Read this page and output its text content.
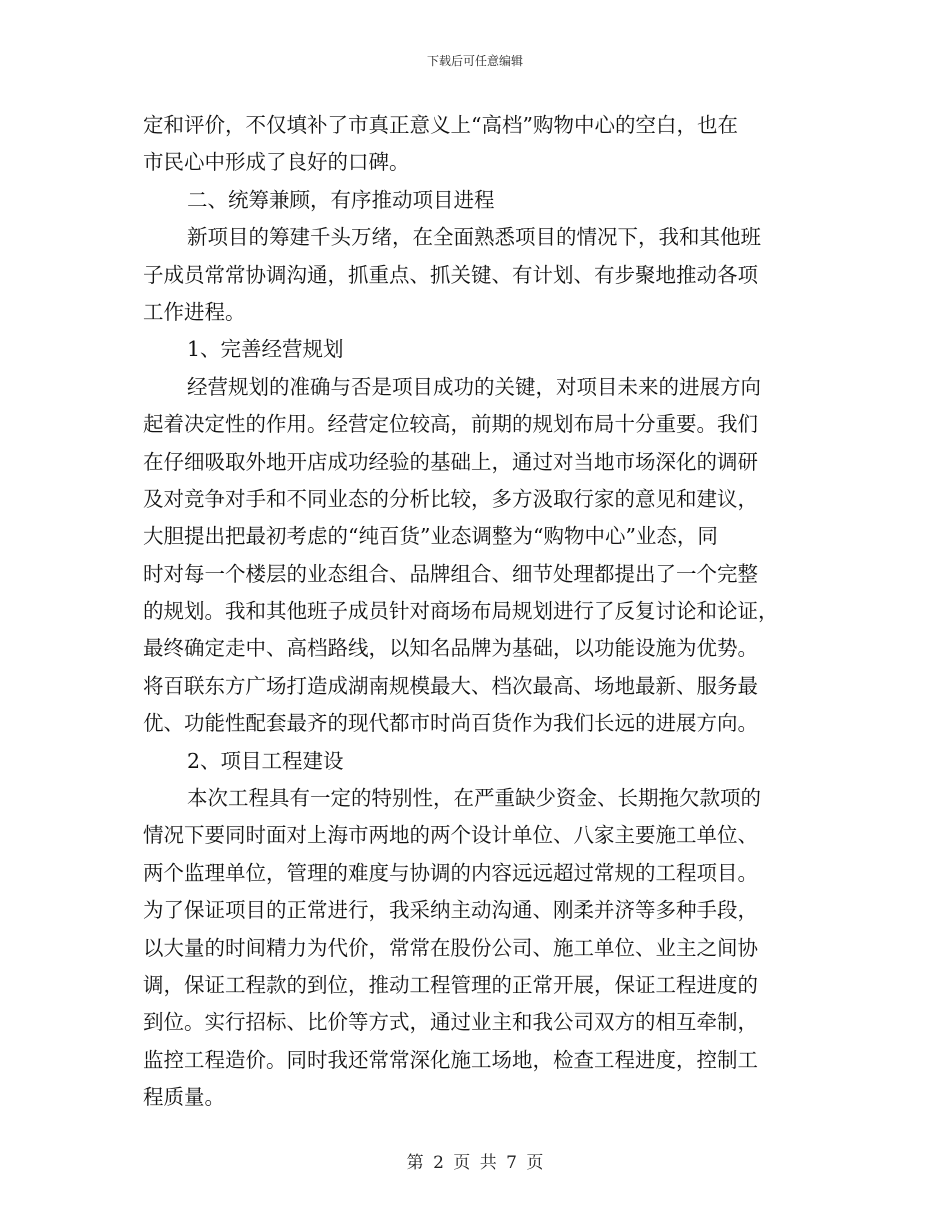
下载后可任意编辑
定和评价，不仅填补了市真正意义上“高档”购物中心的空白，也在
市民心中形成了良好的口碑。
二、统筹兼顾，有序推动项目进程
新项目的筹建千头万绪，在全面熟悉项目的情况下，我和其他班
子成员常常协调沟通，抓重点、抓关键、有计划、有步聚地推动各项
工作进程。
1、完善经营规划
经营规划的准确与否是项目成功的关键，对项目未来的进展方向
起着决定性的作用。经营定位较高，前期的规划布局十分重要。我们
在仔细吸取外地开店成功经验的基础上，通过对当地市场深化的调研
及对竞争对手和不同业态的分析比较，多方汲取行家的意见和建议，
大胆提出把最初考虑的“纯百货”业态调整为“购物中心”业态，同
时对每一个楼层的业态组合、品牌组合、细节处理都提出了一个完整
的规划。我和其他班子成员针对商场布局规划进行了反复讨论和论证，
最终确定走中、高档路线，以知名品牌为基础，以功能设施为优势。
将百联东方广场打造成湖南规模最大、档次最高、场地最新、服务最
优、功能性配套最齐的现代都市时尚百货作为我们长远的进展方向。
2、项目工程建设
本次工程具有一定的特别性，在严重缺少资金、长期拖欠款项的
情况下要同时面对上海市两地的两个设计单位、八家主要施工单位、
两个监理单位，管理的难度与协调的内容远远超过常规的工程项目。
为了保证项目的正常进行，我采纳主动沟通、刚柔并济等多种手段，
以大量的时间精力为代价，常常在股份公司、施工单位、业主之间协
调，保证工程款的到位，推动工程管理的正常开展，保证工程进度的
到位。实行招标、比价等方式，通过业主和我公司双方的相互牵制，
监控工程造价。同时我还常常深化施工场地，检查工程进度，控制工
程质量。
第 2 页 共 7 页
